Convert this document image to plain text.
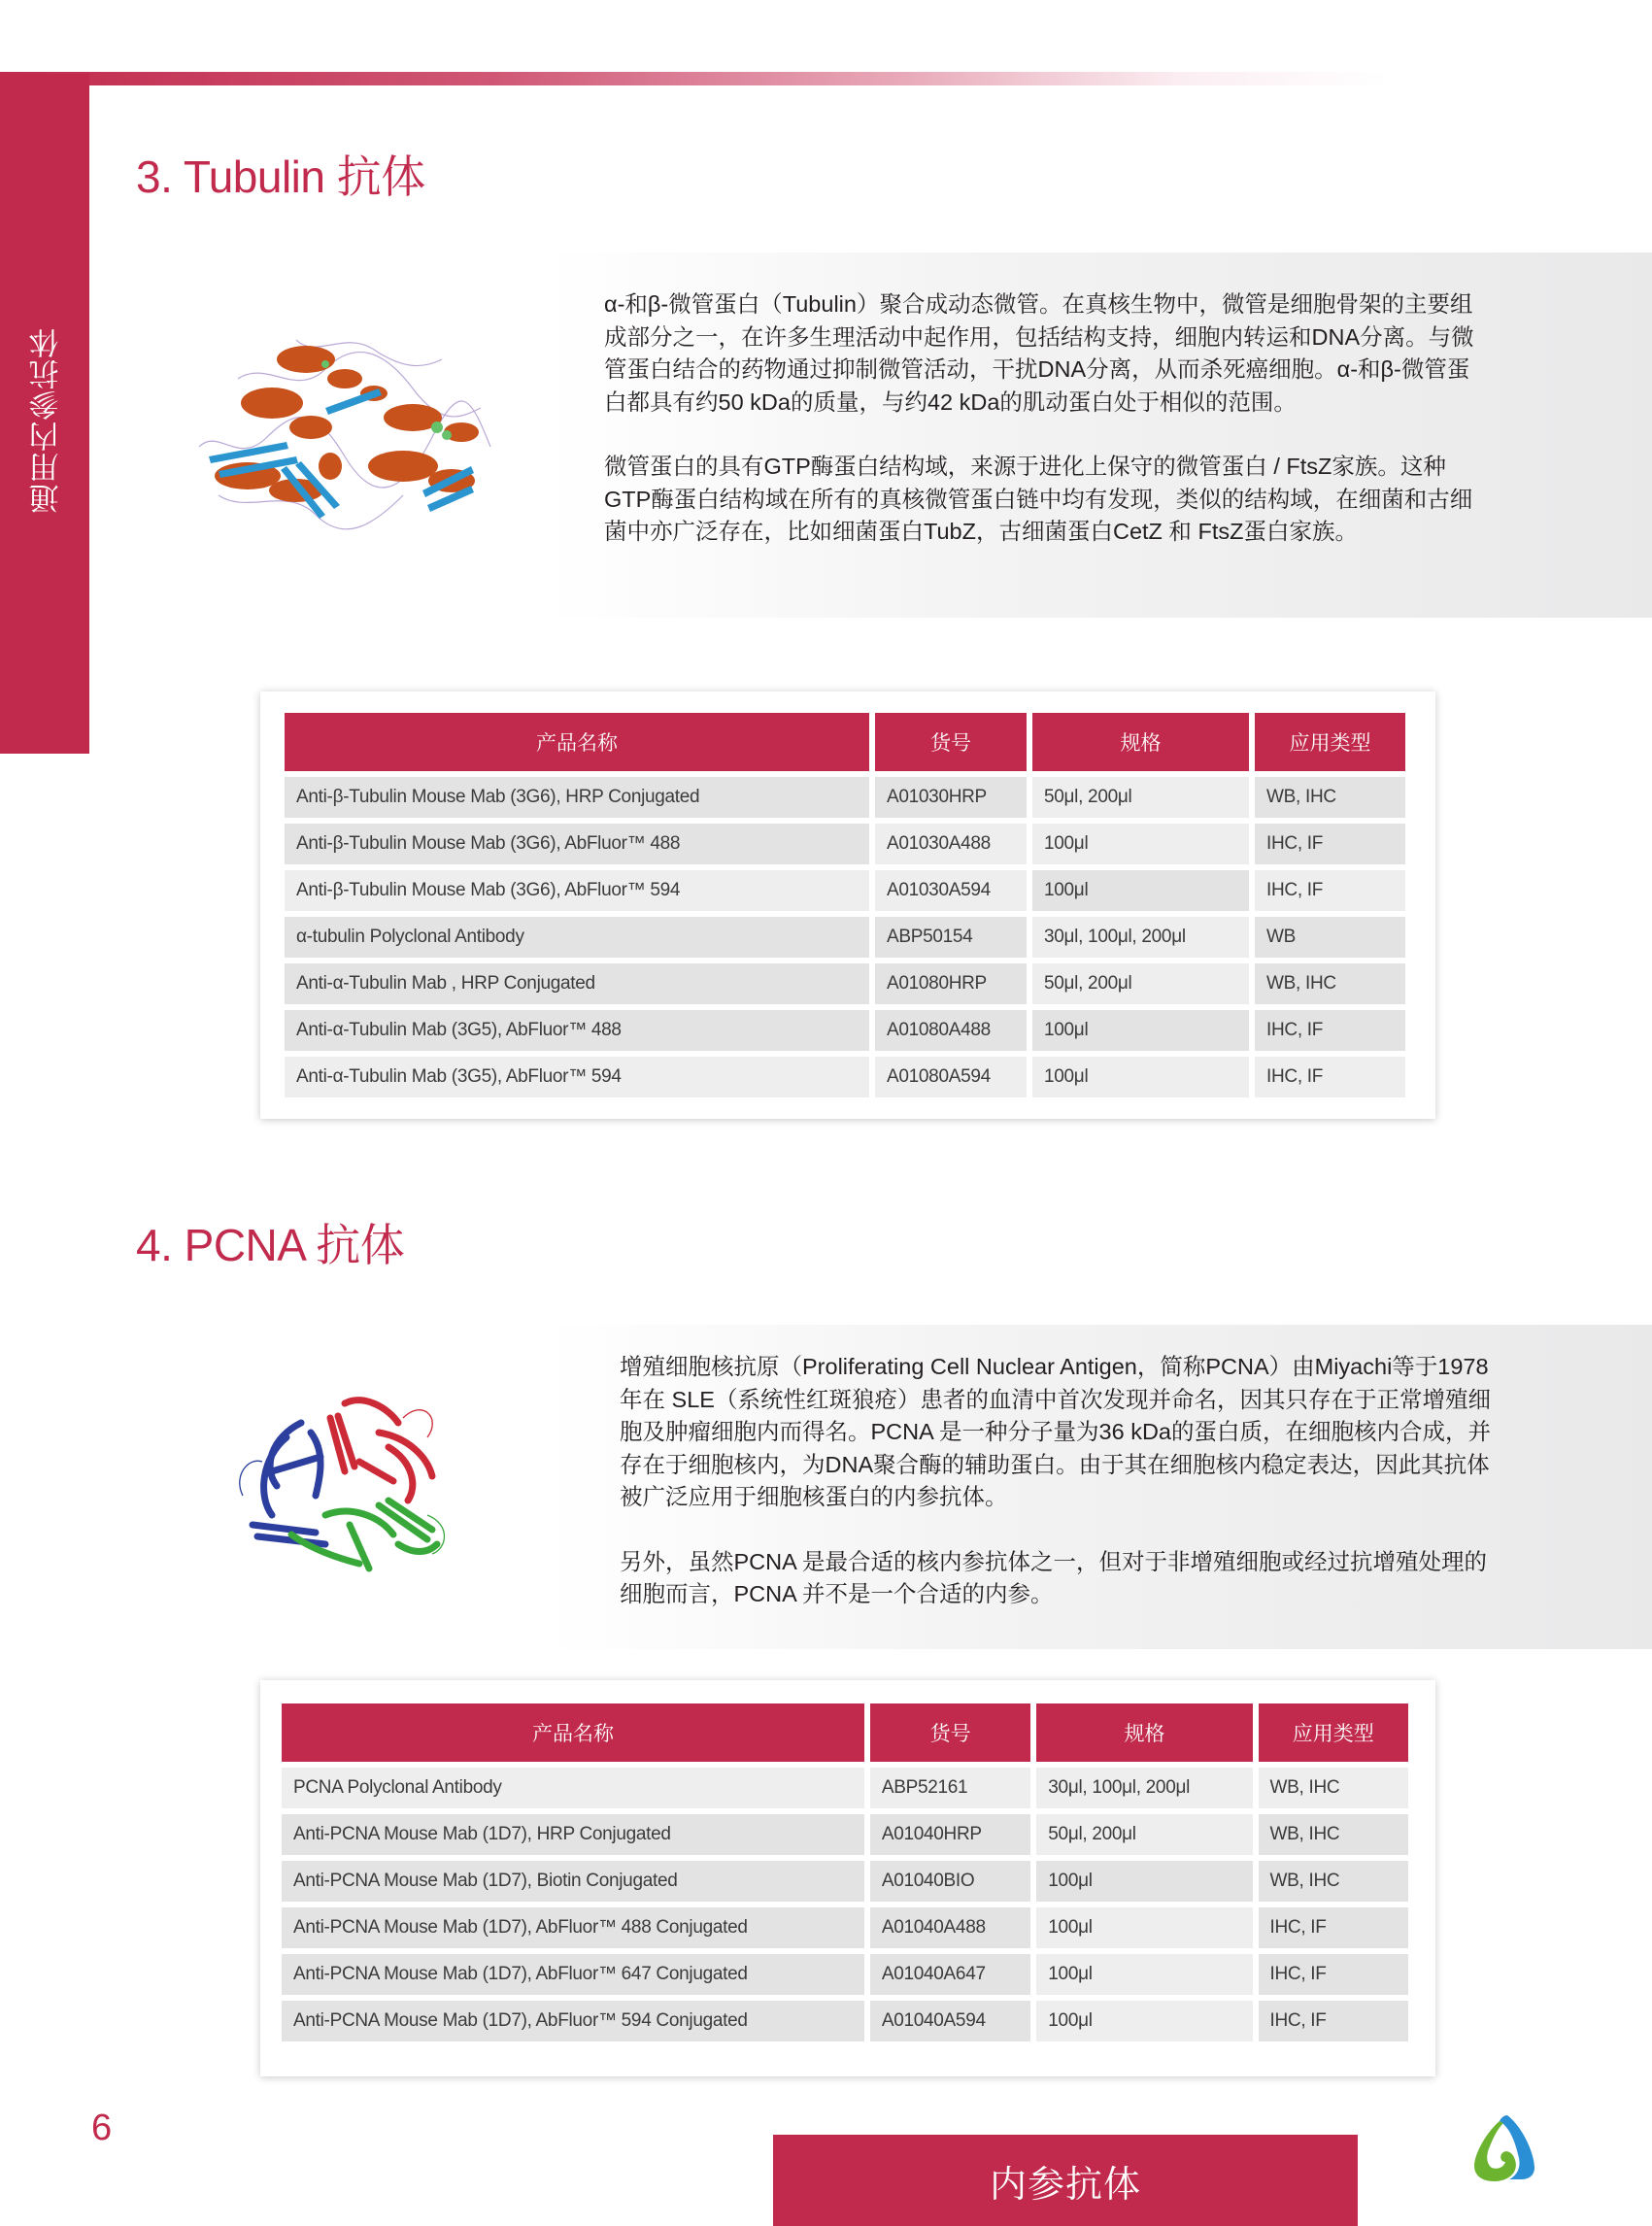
通用内参抗体
3. Tubulin 抗体

α-和β-微管蛋白（Tubulin）聚合成动态微管。在真核生物中，微管是细胞骨架的主要组成部分之一，在许多生理活动中起作用，包括结构支持，细胞内转运和DNA分离。与微管蛋白结合的药物通过抑制微管活动，干扰DNA分离，从而杀死癌细胞。α-和β-微管蛋白都具有约50 kDa的质量，与约42 kDa的肌动蛋白处于相似的范围。

微管蛋白的具有GTP酶蛋白结构域，来源于进化上保守的微管蛋白 / FtsZ家族。这种GTP酶蛋白结构域在所有的真核微管蛋白链中均有发现，类似的结构域，在细菌和古细菌中亦广泛存在，比如细菌蛋白TubZ，古细菌蛋白CetZ 和 FtsZ蛋白家族。

产品名称	货号	规格	应用类型
Anti-β-Tubulin Mouse Mab (3G6), HRP Conjugated	A01030HRP	50μl, 200μl	WB, IHC
Anti-β-Tubulin Mouse Mab (3G6), AbFluor™ 488	A01030A488	100μl	IHC, IF
Anti-β-Tubulin Mouse Mab (3G6), AbFluor™ 594	A01030A594	100μl	IHC, IF
α-tubulin Polyclonal Antibody	ABP50154	30μl, 100μl, 200μl	WB
Anti-α-Tubulin Mab , HRP Conjugated	A01080HRP	50μl, 200μl	WB, IHC
Anti-α-Tubulin Mab (3G5), AbFluor™ 488	A01080A488	100μl	IHC, IF
Anti-α-Tubulin Mab (3G5), AbFluor™ 594	A01080A594	100μl	IHC, IF
4. PCNA 抗体

增殖细胞核抗原（Proliferating Cell Nuclear Antigen，简称PCNA）由Miyachi等于1978年在 SLE（系统性红斑狼疮）患者的血清中首次发现并命名，因其只存在于正常增殖细胞及肿瘤细胞内而得名。PCNA 是一种分子量为36 kDa的蛋白质，在细胞核内合成，并存在于细胞核内，为DNA聚合酶的辅助蛋白。由于其在细胞核内稳定表达，因此其抗体被广泛应用于细胞核蛋白的内参抗体。

另外，虽然PCNA 是最合适的核内参抗体之一，但对于非增殖细胞或经过抗增殖处理的细胞而言，PCNA 并不是一个合适的内参。

产品名称	货号	规格	应用类型
PCNA Polyclonal Antibody	ABP52161	30μl, 100μl, 200μl	WB, IHC
Anti-PCNA Mouse Mab (1D7), HRP Conjugated	A01040HRP	50μl, 200μl	WB, IHC
Anti-PCNA Mouse Mab (1D7), Biotin Conjugated	A01040BIO	100μl	WB, IHC
Anti-PCNA Mouse Mab (1D7), AbFluor™ 488 Conjugated	A01040A488	100μl	IHC, IF
Anti-PCNA Mouse Mab (1D7), AbFluor™ 647 Conjugated	A01040A647	100μl	IHC, IF
Anti-PCNA Mouse Mab (1D7), AbFluor™ 594 Conjugated	A01040A594	100μl	IHC, IF
6
内参抗体
